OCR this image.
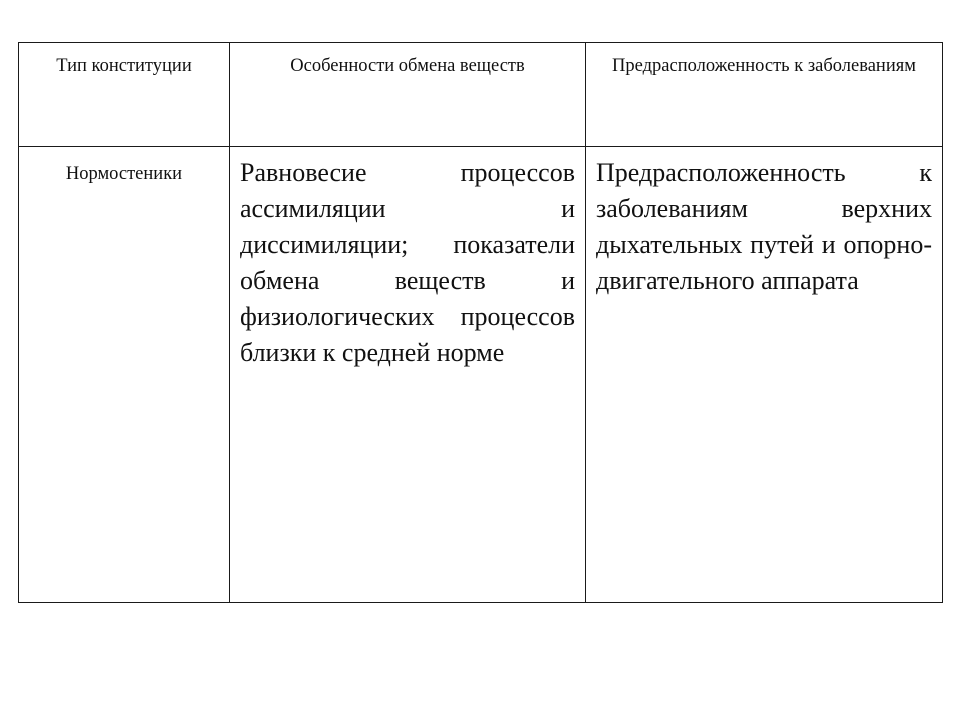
Тип конституции	Особенности обмена веществ	Предрасположенность к заболеваниям

Нормостеники	Равновесие процессов ассимиляции и диссимиляции; показатели обмена веществ и физиологических процессов близки к средней норме	Предрасположенность к заболеваниям верхних дыхательных путей и опорно-двигательного аппарата
